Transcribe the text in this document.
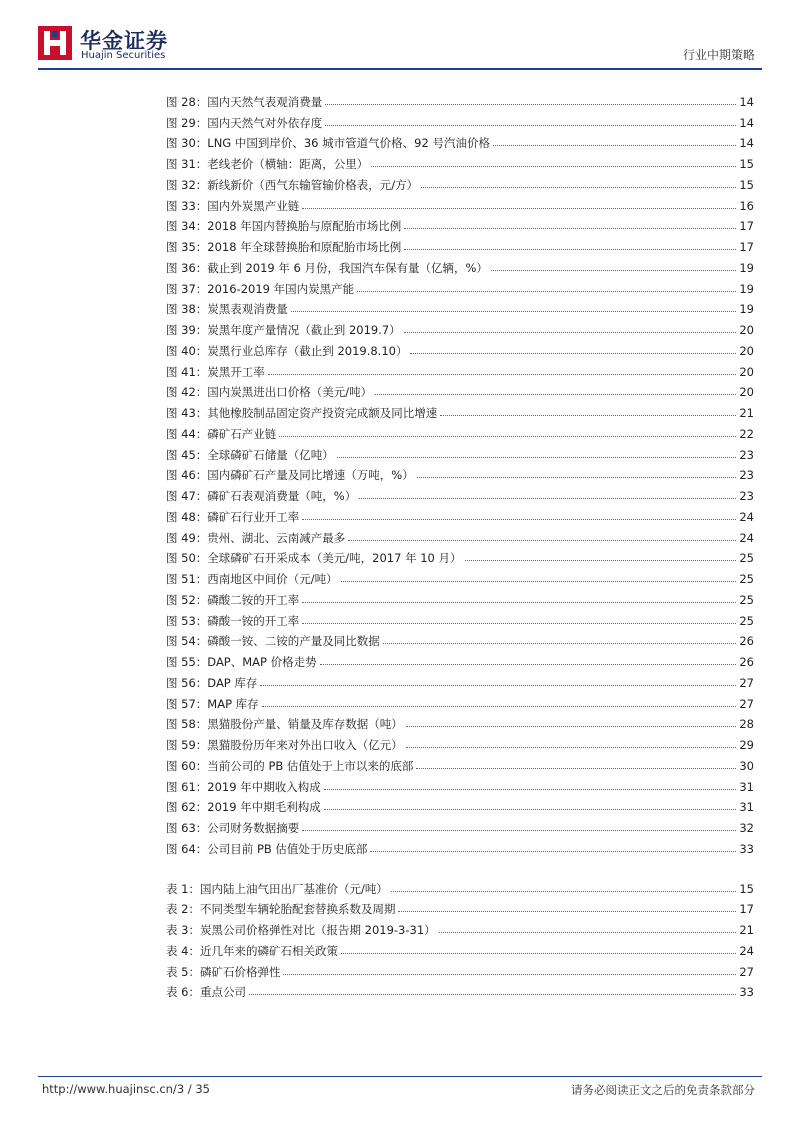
华金证券
Huajin Securities	行业中期策略
图 28：国内天然气表观消费量	14
图 29：国内天然气对外依存度	14
图 30：LNG 中国到岸价、36 城市管道气价格、92 号汽油价格	14
图 31：老线老价（横轴：距离，公里）	15
图 32：新线新价（西气东输管输价格表，元/方）	15
图 33：国内外炭黑产业链	16
图 34：2018 年国内替换胎与原配胎市场比例	17
图 35：2018 年全球替换胎和原配胎市场比例	17
图 36：截止到 2019 年 6 月份，我国汽车保有量（亿辆，%）	19
图 37：2016-2019 年国内炭黑产能	19
图 38：炭黑表观消费量	19
图 39：炭黑年度产量情况（截止到 2019.7）	20
图 40：炭黑行业总库存（截止到 2019.8.10）	20
图 41：炭黑开工率	20
图 42：国内炭黑进出口价格（美元/吨）	20
图 43：其他橡胶制品固定资产投资完成额及同比增速	21
图 44：磷矿石产业链	22
图 45：全球磷矿石储量（亿吨）	23
图 46：国内磷矿石产量及同比增速（万吨，%）	23
图 47：磷矿石表观消费量（吨，%）	23
图 48：磷矿石行业开工率	24
图 49：贵州、湖北、云南减产最多	24
图 50：全球磷矿石开采成本（美元/吨，2017 年 10 月）	25
图 51：西南地区中间价（元/吨）	25
图 52：磷酸二铵的开工率	25
图 53：磷酸一铵的开工率	25
图 54：磷酸一铵、二铵的产量及同比数据	26
图 55：DAP、MAP 价格走势	26
图 56：DAP 库存	27
图 57：MAP 库存	27
图 58：黑猫股份产量、销量及库存数据（吨）	28
图 59：黑猫股份历年来对外出口收入（亿元）	29
图 60：当前公司的 PB 估值处于上市以来的底部	30
图 61：2019 年中期收入构成	31
图 62：2019 年中期毛利构成	31
图 63：公司财务数据摘要	32
图 64：公司目前 PB 估值处于历史底部	33
表 1：国内陆上油气田出厂基准价（元/吨）	15
表 2：不同类型车辆轮胎配套替换系数及周期	17
表 3：炭黑公司价格弹性对比（报告期 2019-3-31）	21
表 4：近几年来的磷矿石相关政策	24
表 5：磷矿石价格弹性	27
表 6：重点公司	33
http://www.huajinsc.cn/3 / 35	请务必阅读正文之后的免责条款部分
